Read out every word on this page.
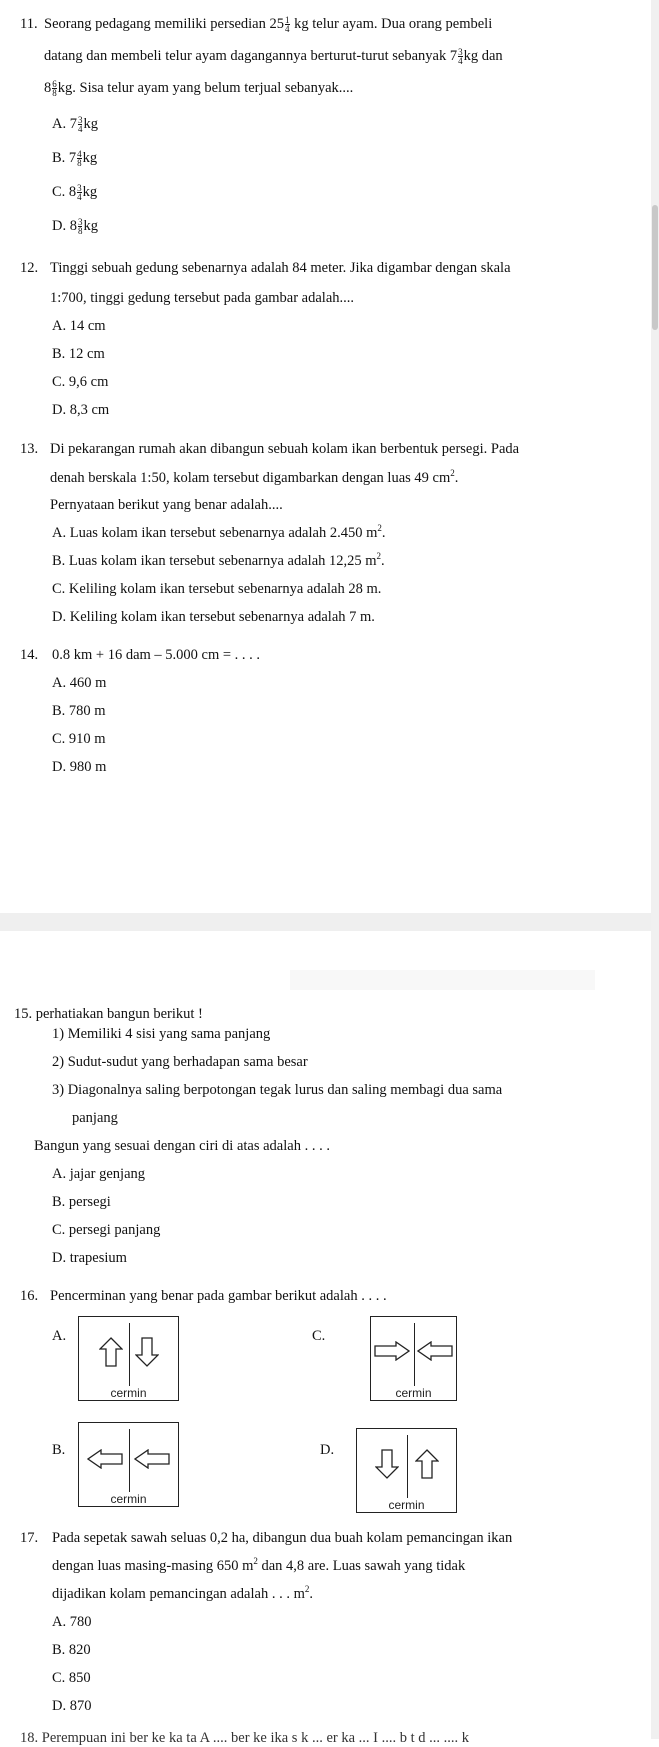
11. Seorang pedagang memiliki persedian $25 \frac{1}{4}$ kg telur ayam. Dua orang pembeli
datang dan membeli telur ayam dagangannya berturut-turut sebanyak $7 \frac{3}{4}$ kg dan
$8 \frac{6}{8}$ kg. Sisa telur ayam yang belum terjual sebanyak....
A. $7 \frac{3}{4}$ kg
B. $7 \frac{4}{8}$ kg
C. $8 \frac{3}{4}$ kg
D. $8 \frac{3}{8}$ kg
12. Tinggi sebuah gedung sebenarnya adalah 84 meter. Jika digambar dengan skala
1:700, tinggi gedung tersebut pada gambar adalah....
A. 14 cm
B. 12 cm
C. 9,6 cm
D. 8,3 cm
13. Di pekarangan rumah akan dibangun sebuah kolam ikan berbentuk persegi. Pada
denah berskala 1:50, kolam tersebut digambarkan dengan luas 49 $cm^2$.
Pernyataan berikut yang benar adalah....
A. Luas kolam ikan tersebut sebenarnya adalah 2.450 $m^2$.
B. Luas kolam ikan tersebut sebenarnya adalah 12,25 $m^2$.
C. Keliling kolam ikan tersebut sebenarnya adalah 28 m.
D. Keliling kolam ikan tersebut sebenarnya adalah 7 m.
14. 0.8 km + 16 dam – 5.000 cm = . . . .
A. 460 m
B. 780 m
C. 910 m
D. 980 m
15. perhatiakan bangun berikut !
1) Memiliki 4 sisi yang sama panjang
2) Sudut-sudut yang berhadapan sama besar
3) Diagonalnya saling berpotongan tegak lurus dan saling membagi dua sama
panjang
Bangun yang sesuai dengan ciri di atas adalah . . . .
A. jajar genjang
B. persegi
C. persegi panjang
D. trapesium
16. Pencerminan yang benar pada gambar berikut adalah . . . .
A.
cermin
C.
cermin
B.
cermin
D.
cermin
17. Pada sepetak sawah seluas 0,2 ha, dibangun dua buah kolam pemancingan ikan
dengan luas masing-masing 650 $m^2$ dan 4,8 are. Luas sawah yang tidak
dijadikan kolam pemancingan adalah . . . $m^2$.
A. 780
B. 820
C. 850
D. 870
18. Perempuan ini ber ke ka ta A .... ber ke ika s k ... er ka ... I .... b t d ... .... k
